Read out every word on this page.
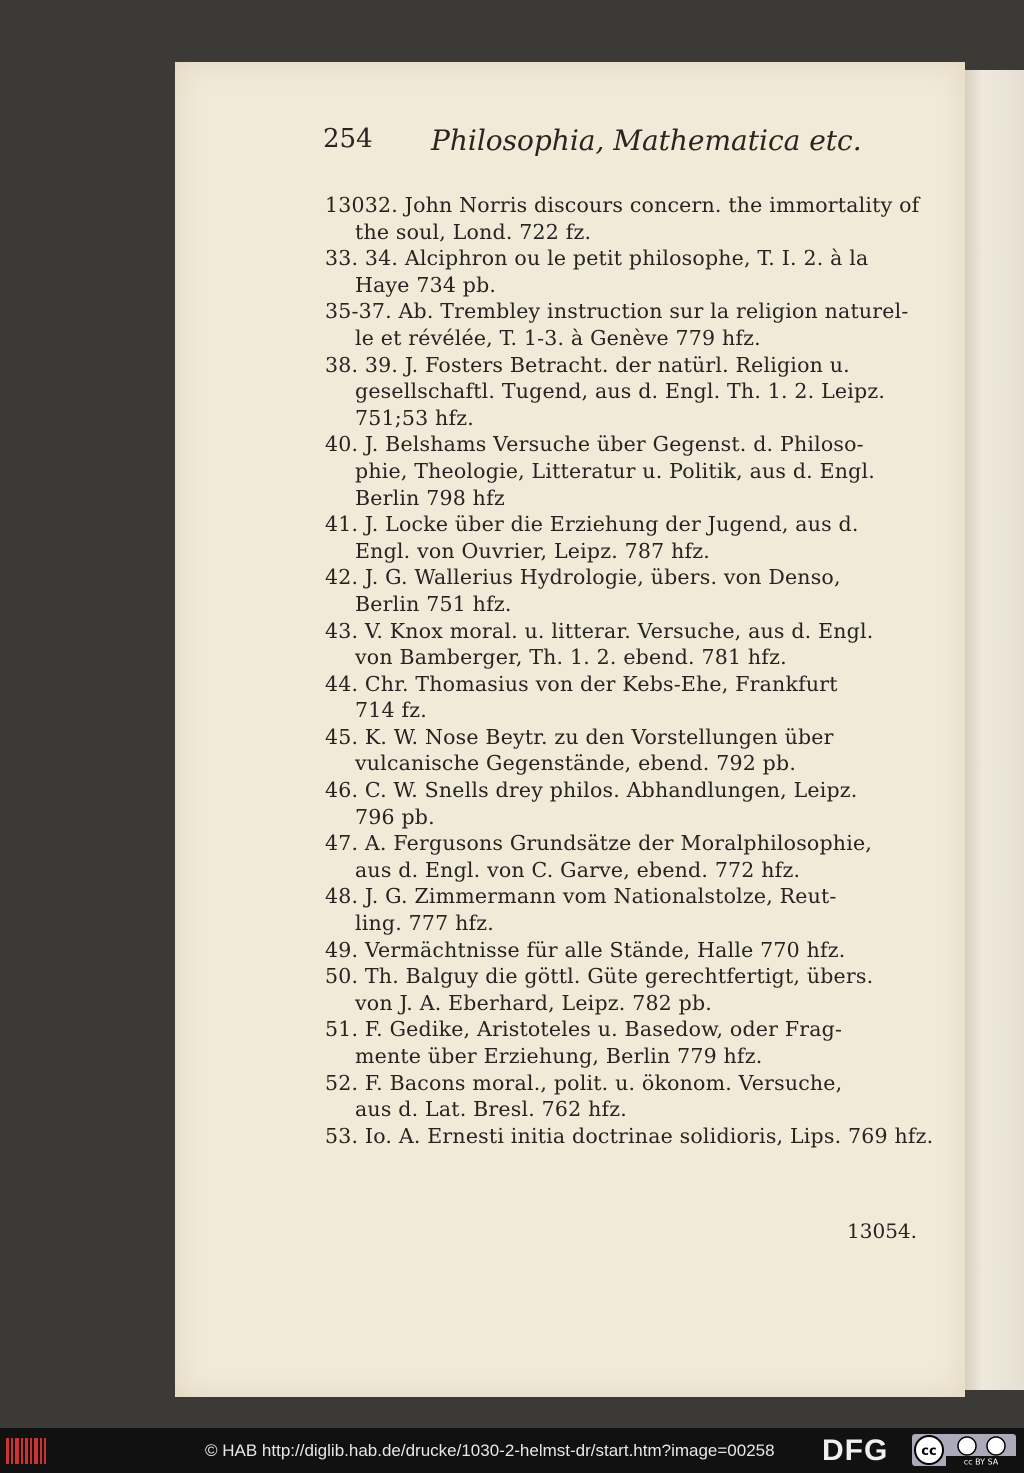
254 Philosophia, Mathematica etc.
13032. John Norris discours concern. the immortality of
the soul, Lond. 722 fz.
33. 34. Alciphron ou le petit philosophe, T. I. 2. à la
Haye 734 pb.
35-37. Ab. Trembley instruction sur la religion naturel-
le et révélée, T. 1-3. à Genève 779 hfz.
38. 39. J. Fosters Betracht. der natürl. Religion u.
gesellschaftl. Tugend, aus d. Engl. Th. 1. 2. Leipz.
751;53 hfz.
40. J. Belshams Versuche über Gegenst. d. Philoso-
phie, Theologie, Litteratur u. Politik, aus d. Engl.
Berlin 798 hfz
41. J. Locke über die Erziehung der Jugend, aus d.
Engl. von Ouvrier, Leipz. 787 hfz.
42. J. G. Wallerius Hydrologie, übers. von Denso,
Berlin 751 hfz.
43. V. Knox moral. u. litterar. Versuche, aus d. Engl.
von Bamberger, Th. 1. 2. ebend. 781 hfz.
44. Chr. Thomasius von der Kebs-Ehe, Frankfurt
714 fz.
45. K. W. Nose Beytr. zu den Vorstellungen über
vulcanische Gegenstände, ebend. 792 pb.
46. C. W. Snells drey philos. Abhandlungen, Leipz.
796 pb.
47. A. Fergusons Grundsätze der Moralphilosophie,
aus d. Engl. von C. Garve, ebend. 772 hfz.
48. J. G. Zimmermann vom Nationalstolze, Reut-
ling. 777 hfz.
49. Vermächtnisse für alle Stände, Halle 770 hfz.
50. Th. Balguy die göttl. Güte gerechtfertigt, übers.
von J. A. Eberhard, Leipz. 782 pb.
51. F. Gedike, Aristoteles u. Basedow, oder Frag-
mente über Erziehung, Berlin 779 hfz.
52. F. Bacons moral., polit. u. ökonom. Versuche,
aus d. Lat. Bresl. 762 hfz.
53. Io. A. Ernesti initia doctrinae solidioris, Lips. 769 hfz.
13054.
© HAB http://diglib.hab.de/drucke/1030-2-helmst-dr/start.htm?image=00258 DFG	cc
cc BY SA
